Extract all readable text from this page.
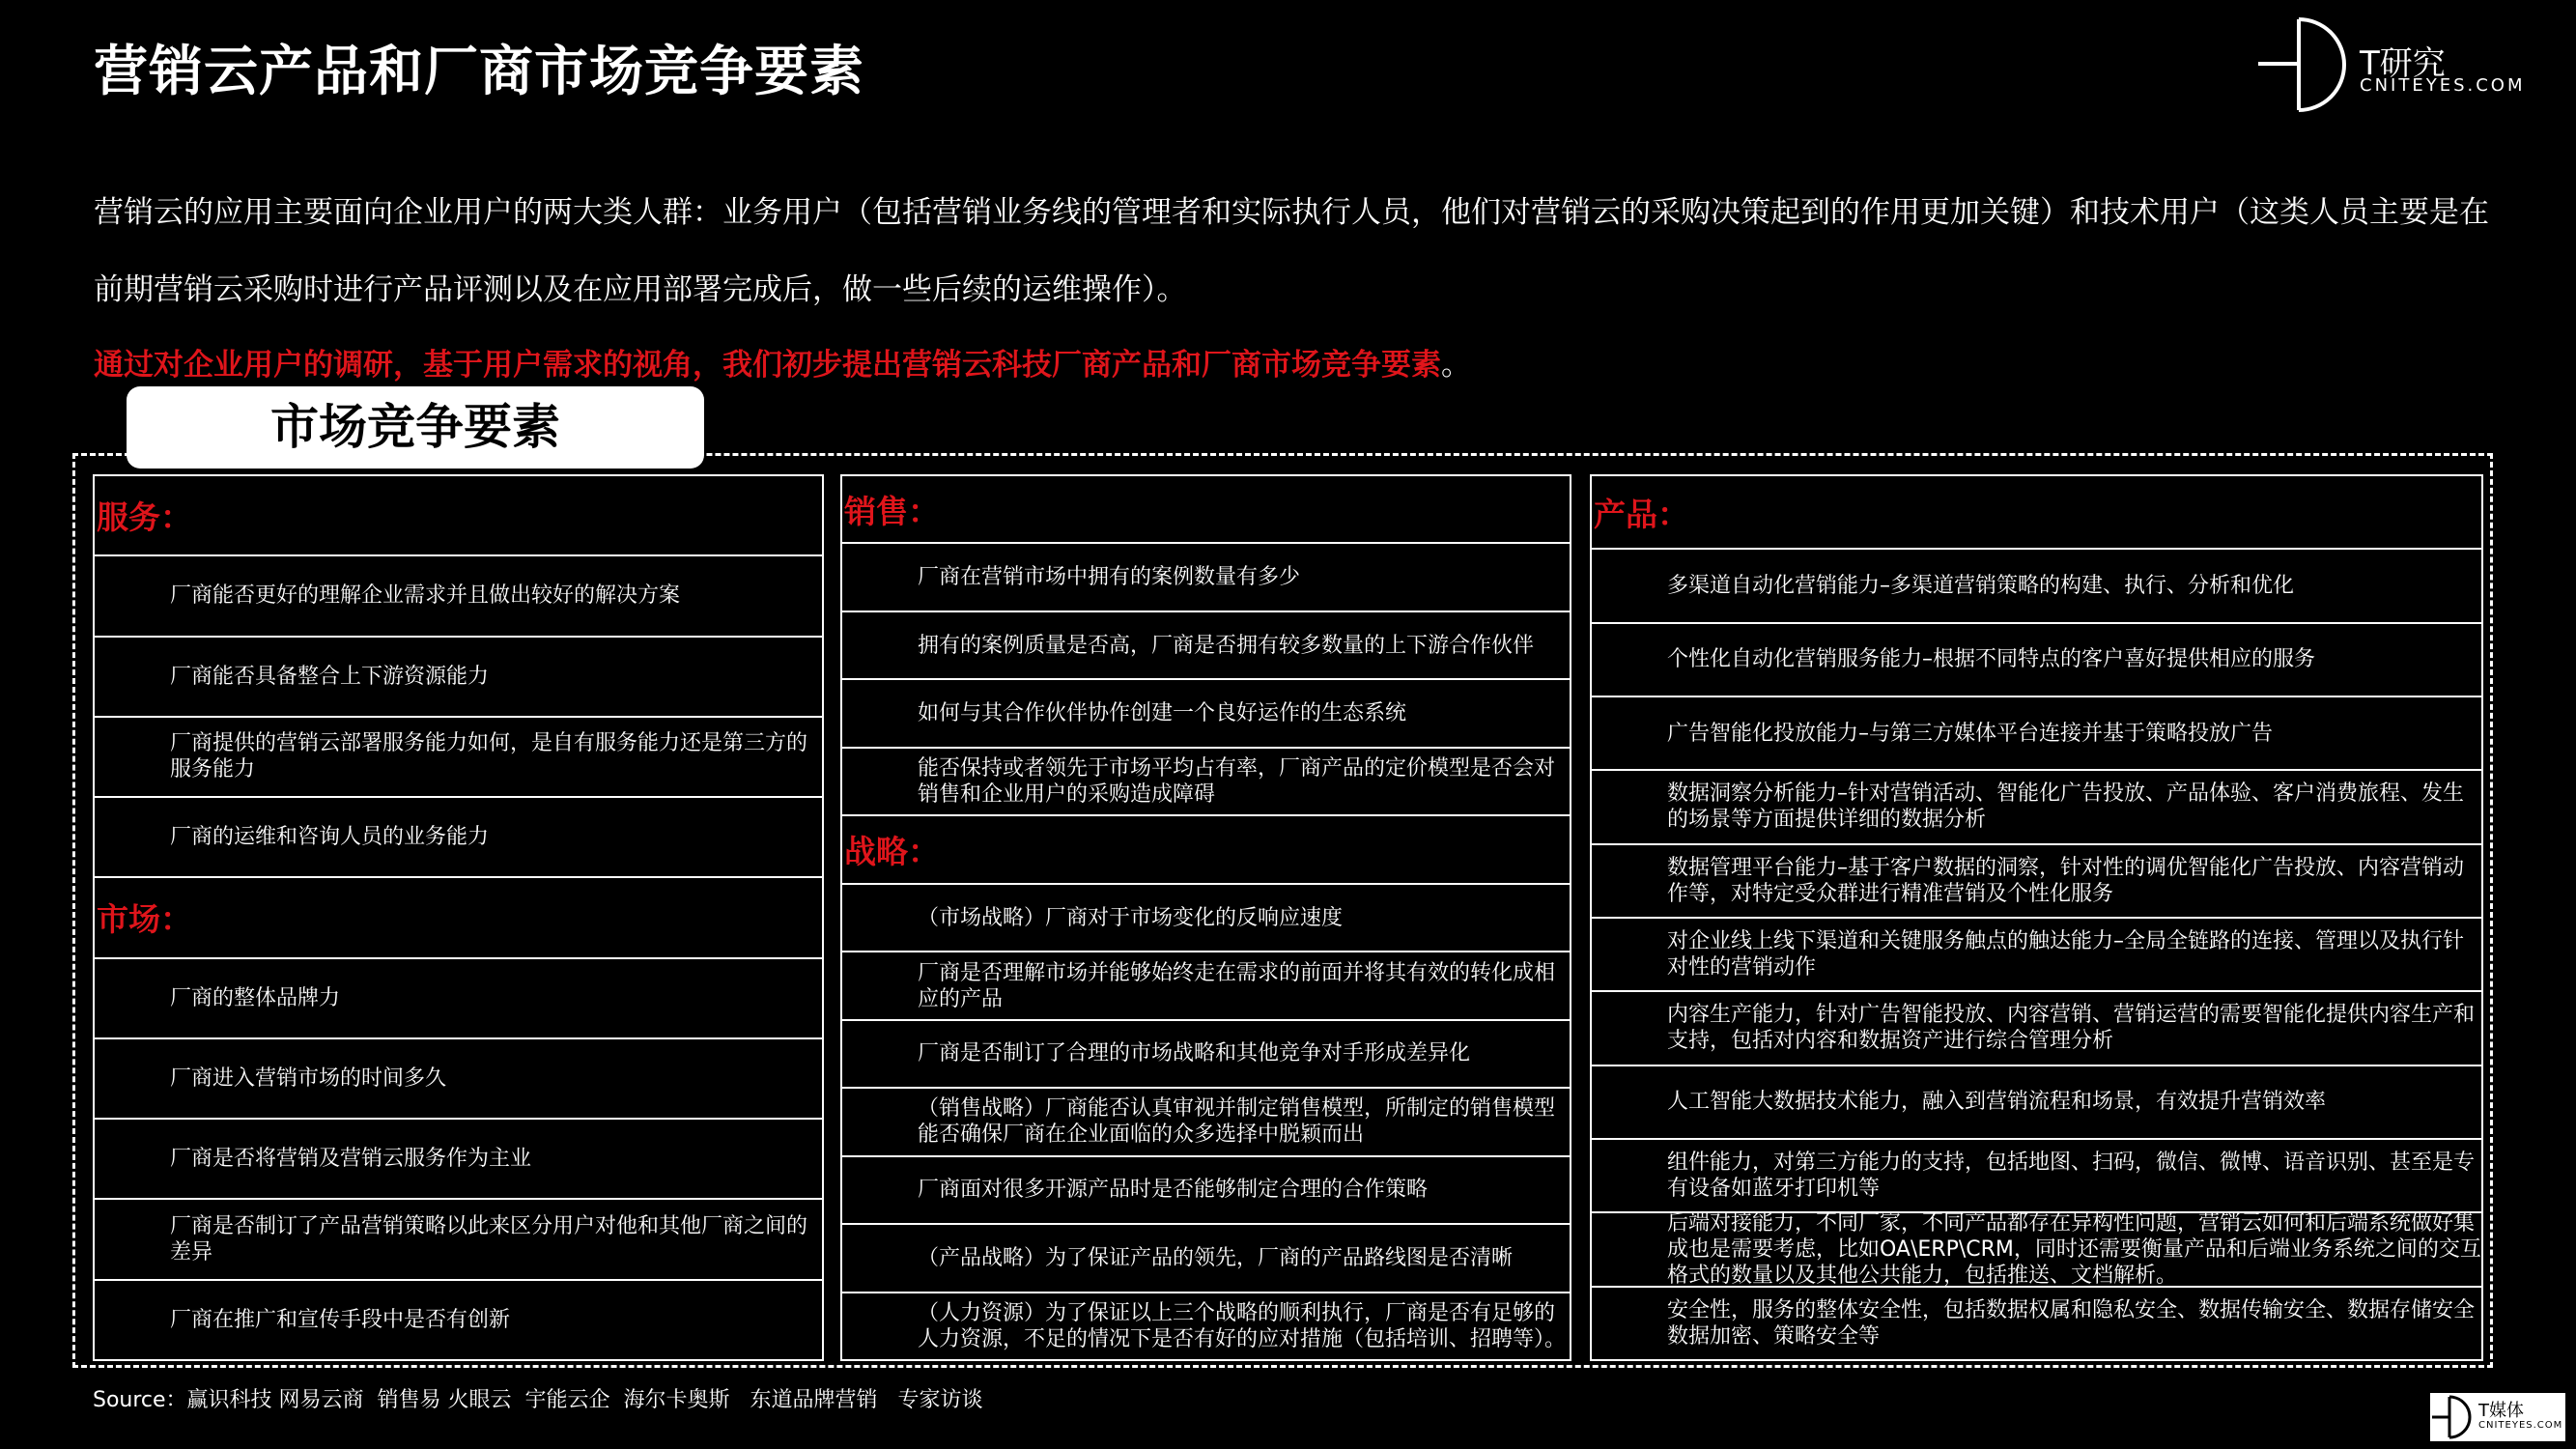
营销云产品和厂商市场竞争要素	T研究
CNITEYES.COM
营销云的应用主要面向企业用户的两大类人群：业务用户（包括营销业务线的管理者和实际执行人员，他们对营销云的采购决策起到的作用更加关键）和技术用户（这类人员主要是在前期营销云采购时进行产品评测以及在应用部署完成后，做一些后续的运维操作）。
通过对企业用户的调研，基于用户需求的视角，我们初步提出营销云科技厂商产品和厂商市场竞争要素。
市场竞争要素
服务：
厂商能否更好的理解企业需求并且做出较好的解决方案
厂商能否具备整合上下游资源能力
厂商提供的营销云部署服务能力如何，是自有服务能力还是第三方的服务能力
厂商的运维和咨询人员的业务能力
市场：
厂商的整体品牌力
厂商进入营销市场的时间多久
厂商是否将营销及营销云服务作为主业
厂商是否制订了产品营销策略以此来区分用户对他和其他厂商之间的差异
厂商在推广和宣传手段中是否有创新
销售：
厂商在营销市场中拥有的案例数量有多少
拥有的案例质量是否高，厂商是否拥有较多数量的上下游合作伙伴
如何与其合作伙伴协作创建一个良好运作的生态系统
能否保持或者领先于市场平均占有率，厂商产品的定价模型是否会对销售和企业用户的采购造成障碍
战略：
（市场战略）厂商对于市场变化的反响应速度
厂商是否理解市场并能够始终走在需求的前面并将其有效的转化成相应的产品
厂商是否制订了合理的市场战略和其他竞争对手形成差异化
（销售战略）厂商能否认真审视并制定销售模型，所制定的销售模型能否确保厂商在企业面临的众多选择中脱颖而出
厂商面对很多开源产品时是否能够制定合理的合作策略
（产品战略）为了保证产品的领先，厂商的产品路线图是否清晰
（人力资源）为了保证以上三个战略的顺利执行，厂商是否有足够的人力资源，不足的情况下是否有好的应对措施（包括培训、招聘等）。
产品：
多渠道自动化营销能力–多渠道营销策略的构建、执行、分析和优化
个性化自动化营销服务能力–根据不同特点的客户喜好提供相应的服务
广告智能化投放能力–与第三方媒体平台连接并基于策略投放广告
数据洞察分析能力–针对营销活动、智能化广告投放、产品体验、客户消费旅程、发生的场景等方面提供详细的数据分析
数据管理平台能力–基于客户数据的洞察，针对性的调优智能化广告投放、内容营销动作等，对特定受众群进行精准营销及个性化服务
对企业线上线下渠道和关键服务触点的触达能力–全局全链路的连接、管理以及执行针对性的营销动作
内容生产能力，针对广告智能投放、内容营销、营销运营的需要智能化提供内容生产和支持，包括对内容和数据资产进行综合管理分析
人工智能大数据技术能力，融入到营销流程和场景，有效提升营销效率
组件能力，对第三方能力的支持，包括地图、扫码，微信、微博、语音识别、甚至是专有设备如蓝牙打印机等
后端对接能力，不同厂家，不同产品都存在异构性问题，营销云如何和后端系统做好集成也是需要考虑，比如OA\ERP\CRM，同时还需要衡量产品和后端业务系统之间的交互格式的数量以及其他公共能力，包括推送、文档解析。
安全性，服务的整体安全性，包括数据权属和隐私安全、数据传输安全、数据存储安全数据加密、策略安全等
Source：赢识科技 网易云商  销售易 火眼云  宇能云企  海尔卡奥斯   东道品牌营销   专家访谈	T媒体
CNITEYES.COM
